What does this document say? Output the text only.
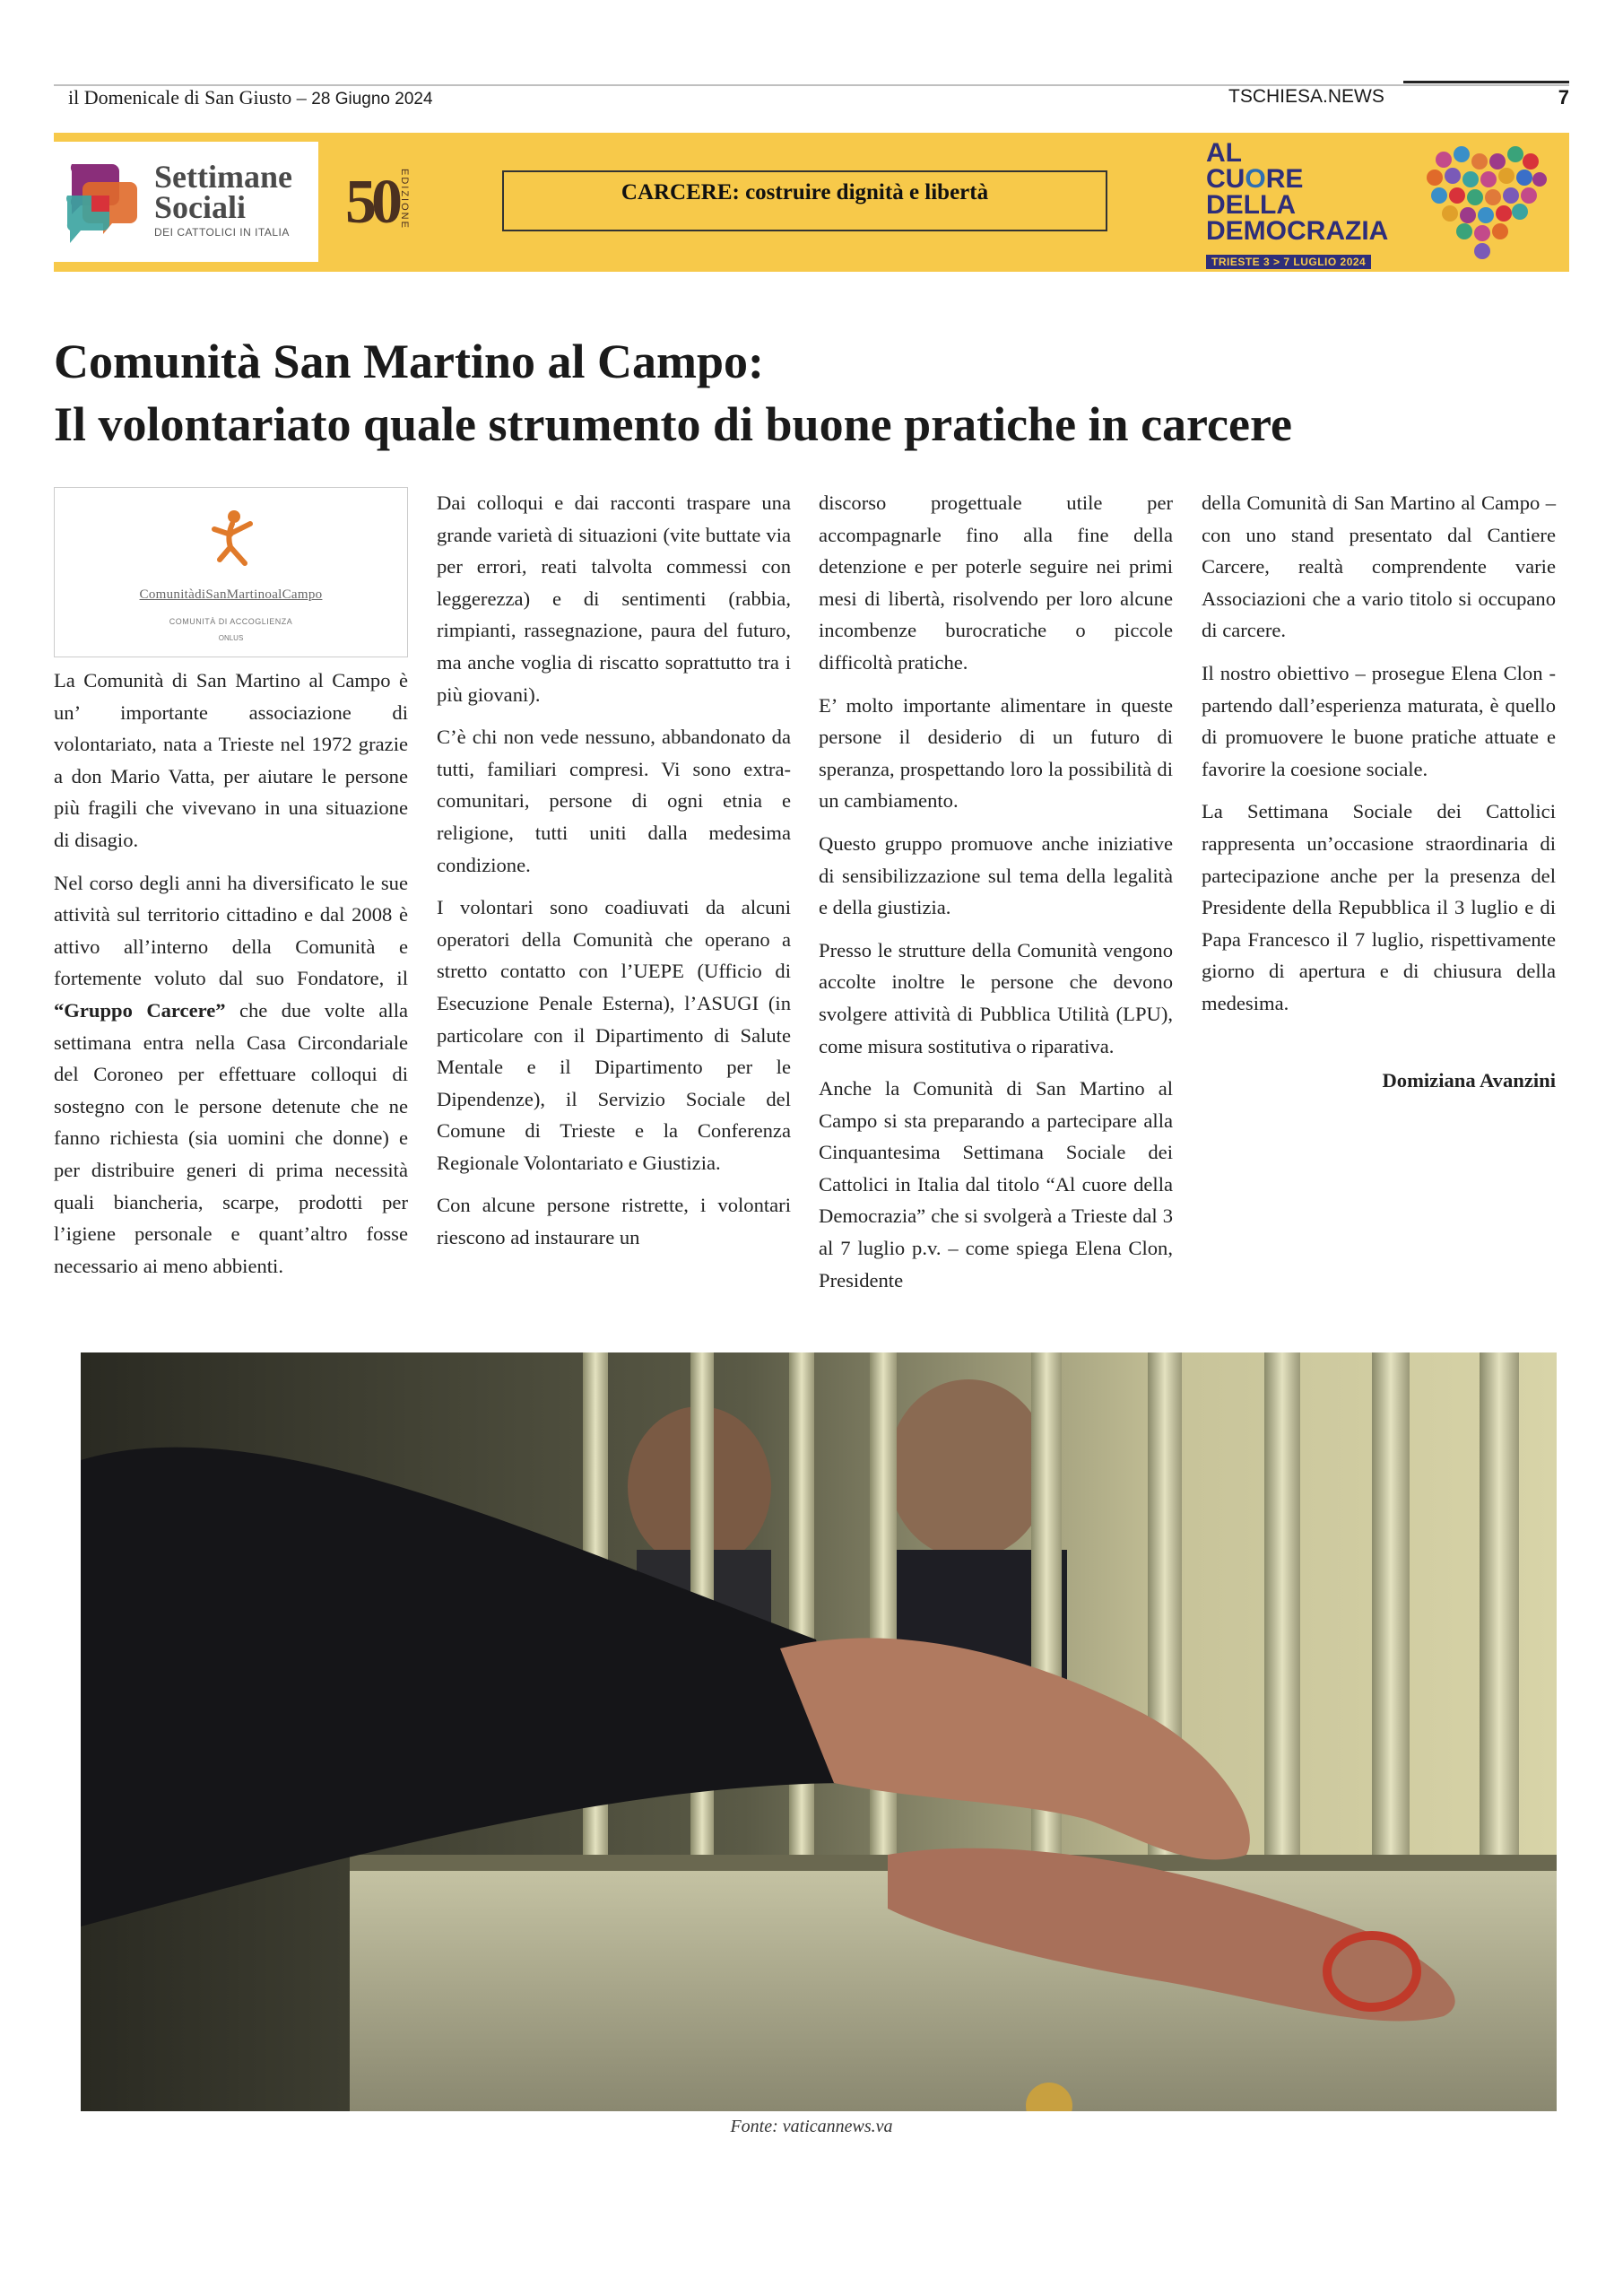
il Domenicale di San Giusto – 28 Giugno 2024	TSCHIESA.NEWS	7
Settimane
Sociali
DEI CATTOLICI IN ITALIA 50 EDIZIONE	CARCERE: costruire dignità e libertà
AL
CUORE
DELLA
DEMOCRAZIA
TRIESTE 3 > 7 LUGLIO 2024
Comunità San Martino al Campo:
Il volontariato quale strumento di buone pratiche in carcere
ComunitàdiSanMartinoalCampo
COMUNITÀ DI ACCOGLIENZA
ONLUS

La Comunità di San Martino al Campo è un’ importante associazione di volontariato, nata a Trieste nel 1972 grazie a don Mario Vatta, per aiutare le persone più fragili che vivevano in una situazione di disagio.

Nel corso degli anni ha diversificato le sue attività sul territorio cittadino e dal 2008 è attivo all’interno della Comunità e fortemente voluto dal suo Fondatore, il “Gruppo Carcere” che due volte alla settimana entra nella Casa Circondariale del Coroneo per effettuare colloqui di sostegno con le persone detenute che ne fanno richiesta (sia uomini che donne) e per distribuire generi di prima necessità quali biancheria, scarpe, prodotti per l’igiene personale e quant’altro fosse necessario ai meno abbienti.

Dai colloqui e dai racconti traspare una grande varietà di situazioni (vite buttate via per errori, reati talvolta commessi con leggerezza) e di sentimenti (rabbia, rimpianti, rassegnazione, paura del futuro, ma anche voglia di riscatto soprattutto tra i più giovani).

C’è chi non vede nessuno, abbandonato da tutti, familiari compresi. Vi sono extra-comunitari, persone di ogni etnia e religione, tutti uniti dalla medesima condizione.

I volontari sono coadiuvati da alcuni operatori della Comunità che operano a stretto contatto con l’UEPE (Ufficio di Esecuzione Penale Esterna), l’ASUGI (in particolare con il Dipartimento di Salute Mentale e il Dipartimento per le Dipendenze), il Servizio Sociale del Comune di Trieste e la Conferenza Regionale Volontariato e Giustizia.

Con alcune persone ristrette, i volontari riescono ad instaurare un

discorso progettuale utile per accompagnarle fino alla fine della detenzione e per poterle seguire nei primi mesi di libertà, risolvendo per loro alcune incombenze burocratiche o piccole difficoltà pratiche.

E’ molto importante alimentare in queste persone il desiderio di un futuro di speranza, prospettando loro la possibilità di un cambiamento.

Questo gruppo promuove anche iniziative di sensibilizzazione sul tema della legalità e della giustizia.

Presso le strutture della Comunità vengono accolte inoltre le persone che devono svolgere attività di Pubblica Utilità (LPU), come misura sostitutiva o riparativa.

Anche la Comunità di San Martino al Campo si sta preparando a partecipare alla Cinquantesima Settimana Sociale dei Cattolici in Italia dal titolo “Al cuore della Democrazia” che si svolgerà a Trieste dal 3 al 7 luglio p.v. – come spiega Elena Clon, Presidente

della Comunità di San Martino al Campo – con uno stand presentato dal Cantiere Carcere, realtà comprendente varie Associazioni che a vario titolo si occupano di carcere.

Il nostro obiettivo – prosegue Elena Clon - partendo dall’esperienza maturata, è quello di promuovere le buone pratiche attuate e favorire la coesione sociale.

La Settimana Sociale dei Cattolici rappresenta un’occasione straordinaria di partecipazione anche per la presenza del Presidente della Repubblica il 3 luglio e di Papa Francesco il 7 luglio, rispettivamente giorno di apertura e di chiusura della medesima.

Domiziana Avanzini
Fonte: vaticannews.va
